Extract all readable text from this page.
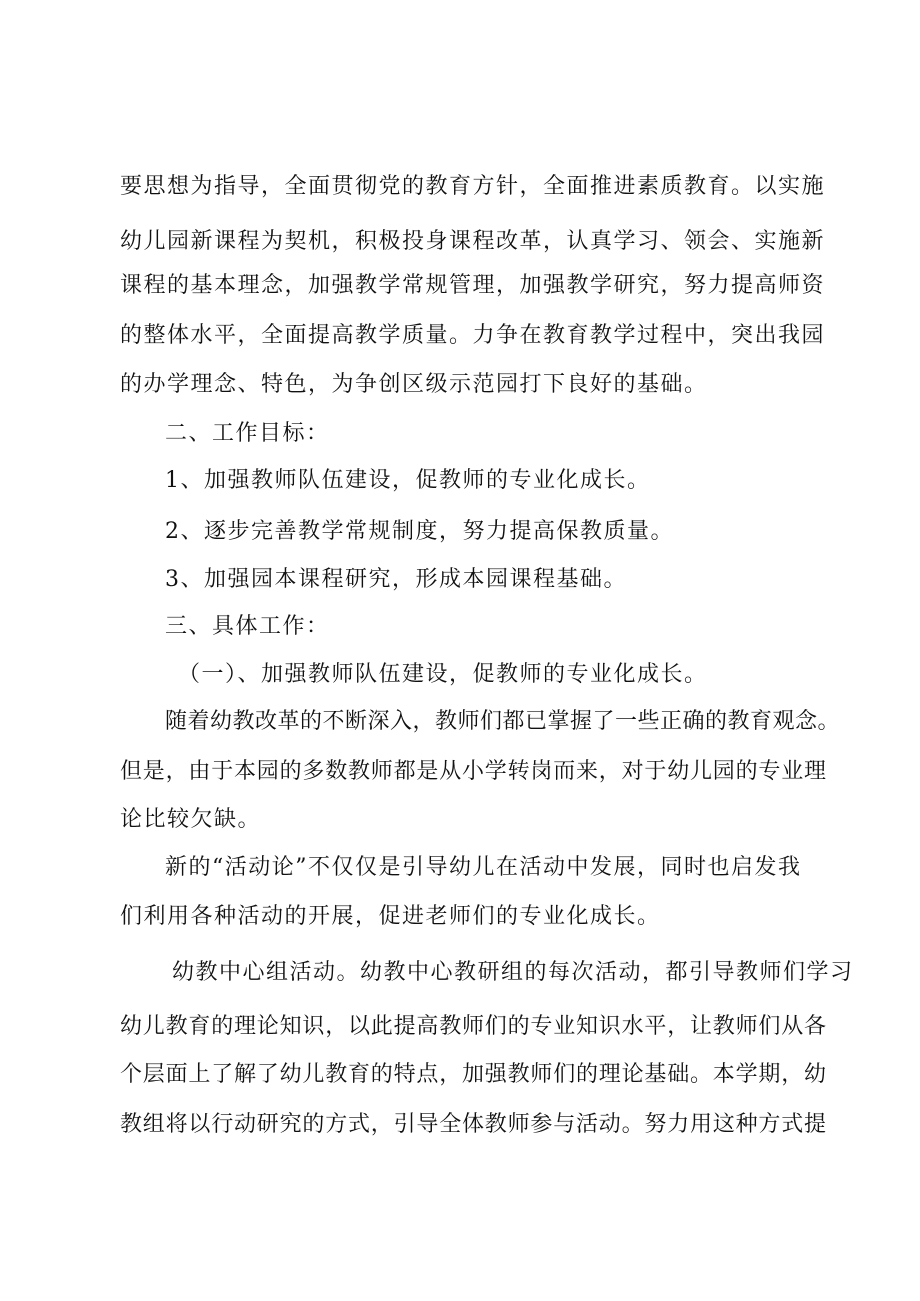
要思想为指导，全面贯彻党的教育方针，全面推进素质教育。以实施
幼儿园新课程为契机，积极投身课程改革，认真学习、领会、实施新
课程的基本理念，加强教学常规管理，加强教学研究，努力提高师资
的整体水平，全面提高教学质量。力争在教育教学过程中，突出我园
的办学理念、特色，为争创区级示范园打下良好的基础。
二、工作目标：
1、加强教师队伍建设，促教师的专业化成长。
2、逐步完善教学常规制度，努力提高保教质量。
3、加强园本课程研究，形成本园课程基础。
三、具体工作：
（一）、加强教师队伍建设，促教师的专业化成长。
随着幼教改革的不断深入，教师们都已掌握了一些正确的教育观念。
但是，由于本园的多数教师都是从小学转岗而来，对于幼儿园的专业理
论比较欠缺。
新的“活动论”不仅仅是引导幼儿在活动中发展，同时也启发我
们利用各种活动的开展，促进老师们的专业化成长。
幼教中心组活动。幼教中心教研组的每次活动，都引导教师们学习
幼儿教育的理论知识，以此提高教师们的专业知识水平，让教师们从各
个层面上了解了幼儿教育的特点，加强教师们的理论基础。本学期，幼
教组将以行动研究的方式，引导全体教师参与活动。努力用这种方式提
